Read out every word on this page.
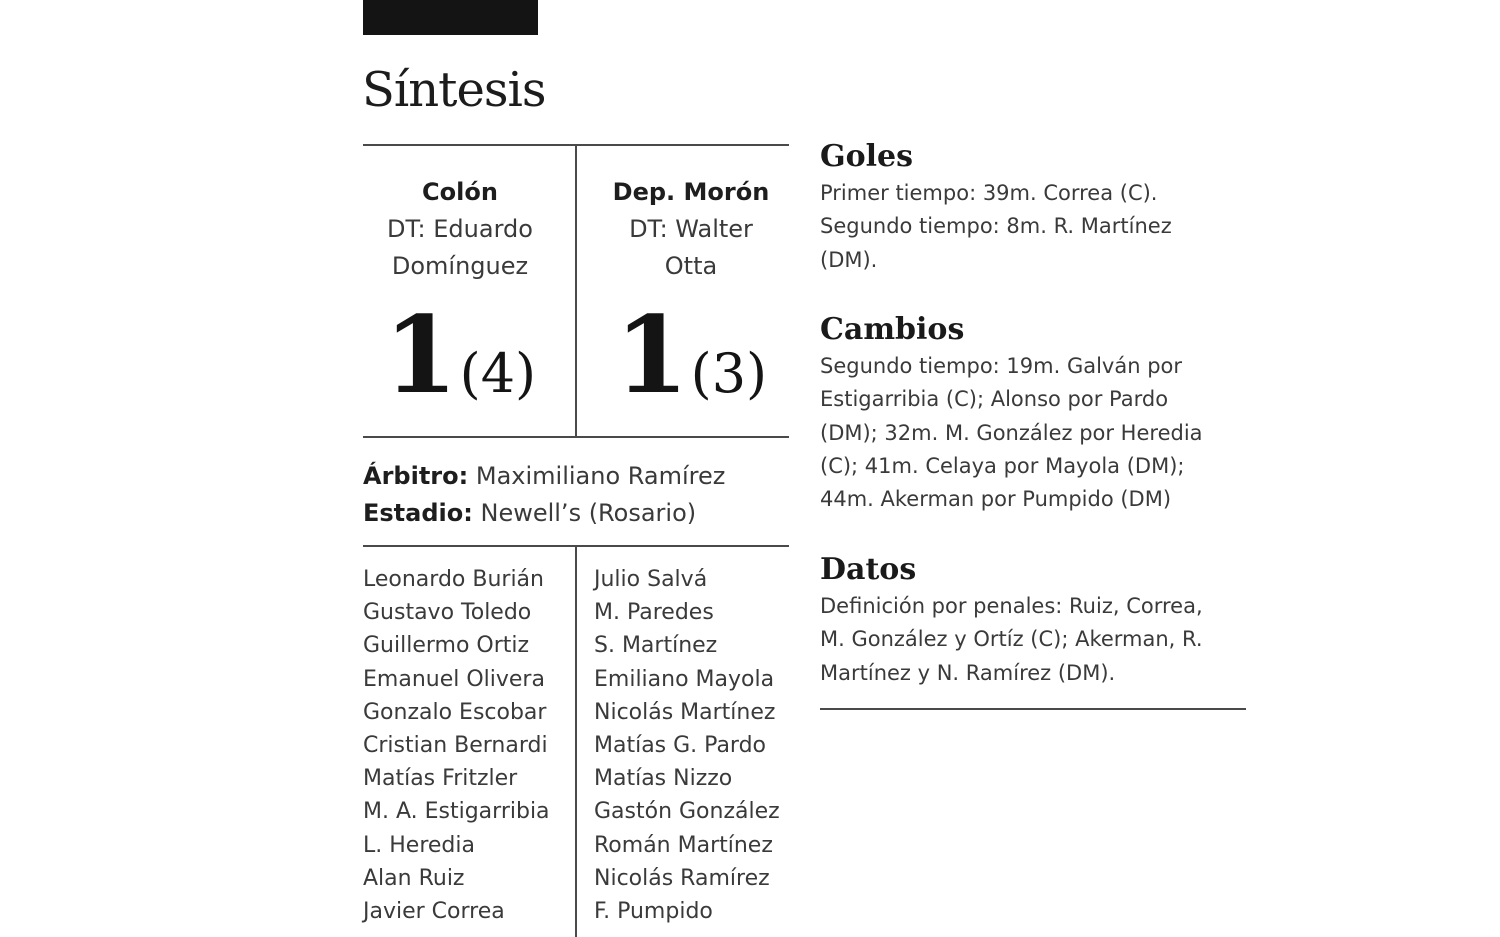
Síntesis
Colón
DT: Eduardo
Domínguez
1 (4)
Dep. Morón
DT: Walter
Otta
1 (3)
Árbitro: Maximiliano Ramírez
Estadio: Newell’s (Rosario)
Leonardo Burián
Gustavo Toledo
Guillermo Ortiz
Emanuel Olivera
Gonzalo Escobar
Cristian Bernardi
Matías Fritzler
M. A. Estigarribia
L. Heredia
Alan Ruiz
Javier Correa
Julio Salvá
M. Paredes
S. Martínez
Emiliano Mayola
Nicolás Martínez
Matías G. Pardo
Matías Nizzo
Gastón González
Román Martínez
Nicolás Ramírez
F. Pumpido
Goles

Primer tiempo: 39m. Correa (C).

Segundo tiempo: 8m. R. Martínez

(DM).

Cambios

Segundo tiempo: 19m. Galván por

Estigarribia (C); Alonso por Pardo

(DM); 32m. M. González por Heredia

(C); 41m. Celaya por Mayola (DM);

44m. Akerman por Pumpido (DM)

Datos

Definición por penales: Ruiz, Correa,

M. González y Ortíz (C); Akerman, R.

Martínez y N. Ramírez (DM).
